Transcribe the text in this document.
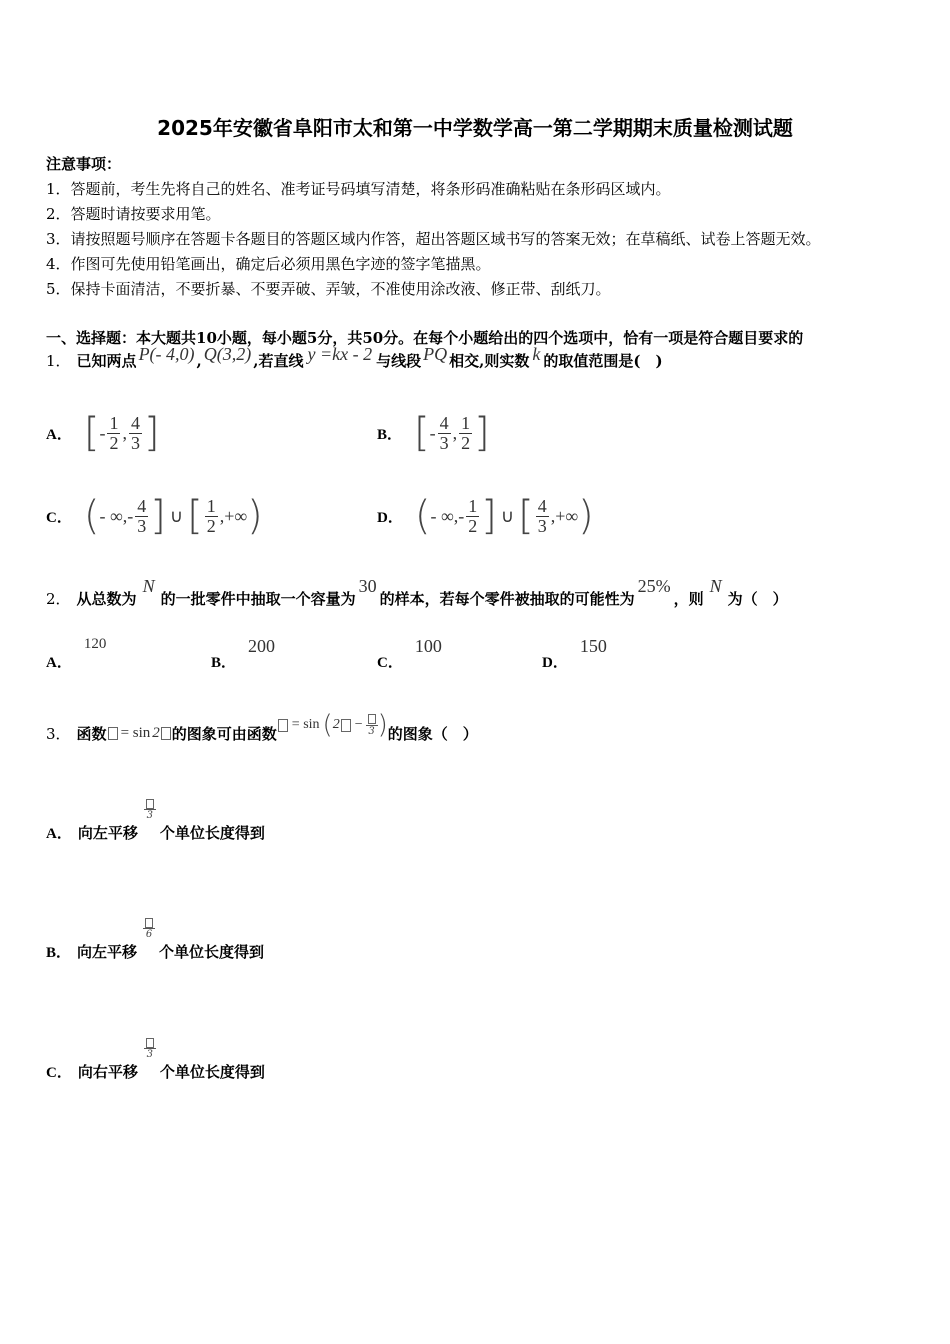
2025年安徽省阜阳市太和第一中学数学高一第二学期期末质量检测试题
注意事项：
1．答题前，考生先将自己的姓名、准考证号码填写清楚，将条形码准确粘贴在条形码区域内。
2．答题时请按要求用笔。
3．请按照题号顺序在答题卡各题目的答题区域内作答，超出答题区域书写的答案无效；在草稿纸、试卷上答题无效。
4．作图可先使用铅笔画出，确定后必须用黑色字迹的签字笔描黑。
5．保持卡面清洁，不要折暴、不要弄破、弄皱，不准使用涂改液、修正带、刮纸刀。
一、选择题：本大题共10小题，每小题5分，共50分。在每个小题给出的四个选项中，恰有一项是符合题目要求的
1． 已知两点 P(- 4,0) , Q(3,2) ,若直线 y =kx - 2 与线段 PQ 相交,则实数 k 的取值范围是(　)
A． [ - $\frac{1}{2}$ , $\frac{4}{3}$ ]	B． [ - $\frac{4}{3}$ , $\frac{1}{2}$ ]
C． ( - ∞,- $\frac{4}{3}$ ] ∪ [ $\frac{1}{2}$ ,+∞ )	D． ( - ∞,- $\frac{1}{2}$ ] ∪ [ $\frac{4}{3}$ ,+∞ )
2． 从总数为
N
的一批零件中抽取一个容量为
30
的样本，若每个零件被抽取的可能性为
25%
，则
N
为（　）
A．
120
B．
200
C．
100
D．
150
3． 函数 = sin 2 的图象可由函数 = sin ( 2 − 3 ) 的图象（　）
A． 向左平移
3
个单位长度得到
B． 向左平移
6
个单位长度得到
C． 向右平移
3
个单位长度得到
